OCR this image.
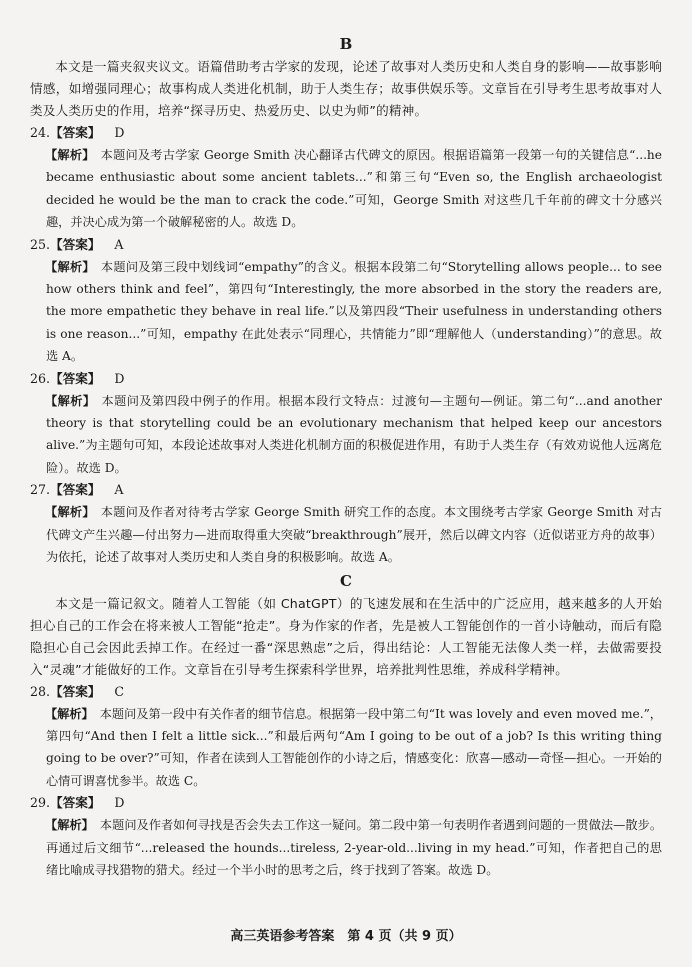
B

本文是一篇夹叙夹议文。语篇借助考古学家的发现，论述了故事对人类历史和人类自身的影响——故事影响情感，如增强同理心；故事构成人类进化机制，助于人类生存；故事供娱乐等。文章旨在引导考生思考故事对人类及人类历史的作用，培养“探寻历史、热爱历史、以史为师”的精神。

24.【答案】 D

【解析】 本题问及考古学家 George Smith 决心翻译古代碑文的原因。根据语篇第一段第一句的关键信息“...he became enthusiastic about some ancient tablets...”和第三句“Even so, the English archaeologist decided he would be the man to crack the code.”可知，George Smith 对这些几千年前的碑文十分感兴趣，并决心成为第一个破解秘密的人。故选 D。

25.【答案】 A

【解析】 本题问及第三段中划线词“empathy”的含义。根据本段第二句“Storytelling allows people... to see how others think and feel”，第四句“Interestingly, the more absorbed in the story the readers are, the more empathetic they behave in real life.”以及第四段“Their usefulness in understanding others is one reason...”可知，empathy 在此处表示“同理心，共情能力”即“理解他人（understanding）”的意思。故选 A。

26.【答案】 D

【解析】 本题问及第四段中例子的作用。根据本段行文特点：过渡句—主题句—例证。第二句“...and another theory is that storytelling could be an evolutionary mechanism that helped keep our ancestors alive.”为主题句可知，本段论述故事对人类进化机制方面的积极促进作用，有助于人类生存（有效劝说他人远离危险）。故选 D。

27.【答案】 A

【解析】 本题问及作者对待考古学家 George Smith 研究工作的态度。本文围绕考古学家 George Smith 对古代碑文产生兴趣—付出努力—进而取得重大突破“breakthrough”展开，然后以碑文内容（近似诺亚方舟的故事）为依托，论述了故事对人类历史和人类自身的积极影响。故选 A。

C

本文是一篇记叙文。随着人工智能（如 ChatGPT）的飞速发展和在生活中的广泛应用，越来越多的人开始担心自己的工作会在将来被人工智能“抢走”。身为作家的作者，先是被人工智能创作的一首小诗触动，而后有隐隐担心自己会因此丢掉工作。在经过一番“深思熟虑”之后，得出结论：人工智能无法像人类一样，去做需要投入“灵魂”才能做好的工作。文章旨在引导考生探索科学世界，培养批判性思维，养成科学精神。

28.【答案】 C

【解析】 本题问及第一段中有关作者的细节信息。根据第一段中第二句“It was lovely and even moved me.”，第四句“And then I felt a little sick...”和最后两句“Am I going to be out of a job? Is this writing thing going to be over?”可知，作者在读到人工智能创作的小诗之后，情感变化：欣喜—感动—奇怪—担心。一开始的心情可谓喜忧参半。故选 C。

29.【答案】 D

【解析】 本题问及作者如何寻找是否会失去工作这一疑问。第二段中第一句表明作者遇到问题的一贯做法—散步。再通过后文细节“...released the hounds...tireless, 2-year-old...living in my head.”可知，作者把自己的思绪比喻成寻找猎物的猎犬。经过一个半小时的思考之后，终于找到了答案。故选 D。

高三英语参考答案　第 4 页（共 9 页）
